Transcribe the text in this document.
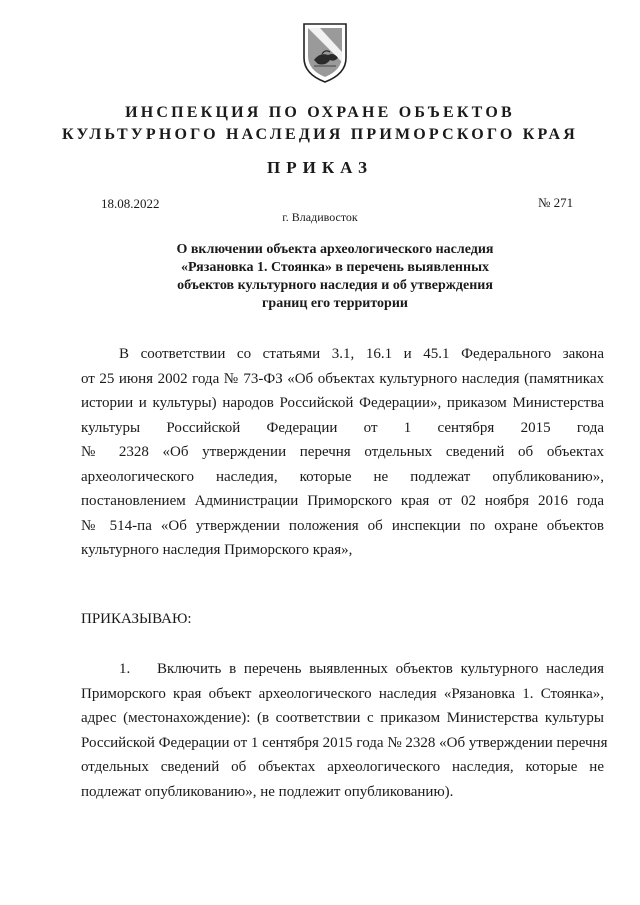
ИНСПЕКЦИЯ ПО ОХРАНЕ ОБЪЕКТОВ
КУЛЬТУРНОГО НАСЛЕДИЯ ПРИМОРСКОГО КРАЯ
ПРИКАЗ
18.08.2022	№ 271
г. Владивосток
О включении объекта археологического наследия
«Рязановка 1. Стоянка» в перечень выявленных
объектов культурного наследия и об утверждения
границ его территории
В соответствии со статьями 3.1, 16.1 и 45.1 Федерального закона
от 25 июня 2002 года № 73-ФЗ «Об объектах культурного наследия (памятниках
истории и культуры) народов Российской Федерации», приказом Министерства
культуры Российской Федерации от 1 сентября 2015 года
№ 2328 «Об утверждении перечня отдельных сведений об объектах
археологического наследия, которые не подлежат опубликованию»,
постановлением Администрации Приморского края от 02 ноября 2016 года
№ 514-па «Об утверждении положения об инспекции по охране объектов
культурного наследия Приморского края»,
ПРИКАЗЫВАЮ:
1. Включить в перечень выявленных объектов культурного наследия
Приморского края объект археологического наследия «Рязановка 1. Стоянка»,
адрес (местонахождение): (в соответствии с приказом Министерства культуры
Российской Федерации от 1 сентября 2015 года № 2328 «Об утверждении перечня
отдельных сведений об объектах археологического наследия, которые не
подлежат опубликованию», не подлежит опубликованию).
